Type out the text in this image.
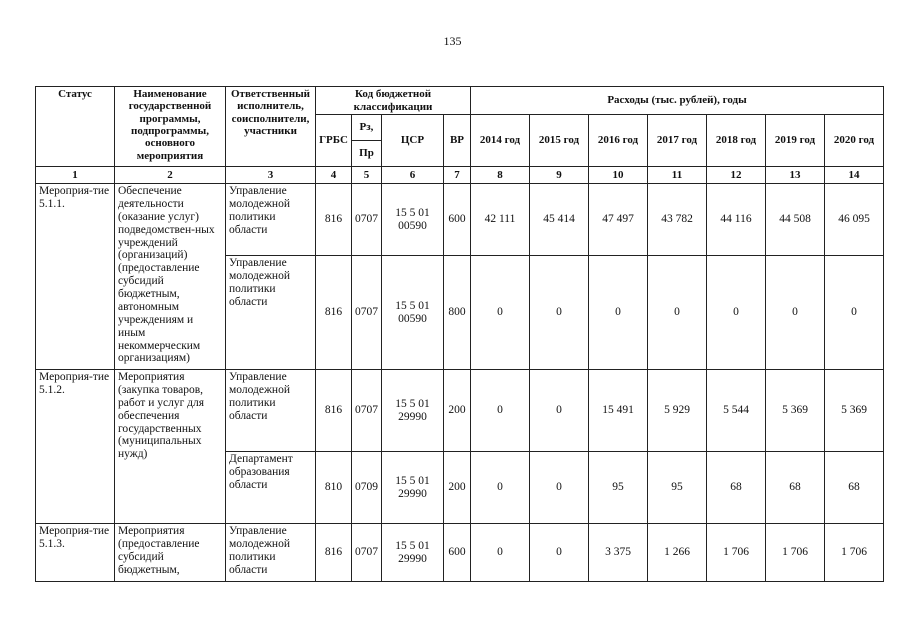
135
Статус	Наименование государственной программы, подпрограммы, основного мероприятия	Ответственный исполнитель, соисполнители, участники	Код бюджетной классификации				Расходы (тыс. рублей), годы						
			ГРБС	Рз,	ЦСР	ВР	2014 год	2015 год	2016 год	2017 год	2018 год	2019 год	2020 год
				Пр									
1	2	3	4	5	6	7	8	9	10	11	12	13	14
Мероприя-тие 5.1.1.	Обеспечение деятельности (оказание услуг) подведомствен-ных учреждений (организаций) (предоставление субсидий бюджетным, автономным учреждениям и иным некоммерческим организациям)	Управление молодежной политики области	816	0707	15 5 01 00590	600	42 111	45 414	47 497	43 782	44 116	44 508	46 095
		Управление молодежной политики области	816	0707	15 5 01 00590	800	0	0	0	0	0	0	0
Мероприя-тие 5.1.2.	Мероприятия (закупка товаров, работ и услуг для обеспечения государственных (муниципальных нужд)	Управление молодежной политики области	816	0707	15 5 01 29990	200	0	0	15 491	5 929	5 544	5 369	5 369
		Департамент образования области	810	0709	15 5 01 29990	200	0	0	95	95	68	68	68
Мероприя-тие 5.1.3.	Мероприятия (предоставление субсидий бюджетным,	Управление молодежной политики области	816	0707	15 5 01 29990	600	0	0	3 375	1 266	1 706	1 706	1 706
